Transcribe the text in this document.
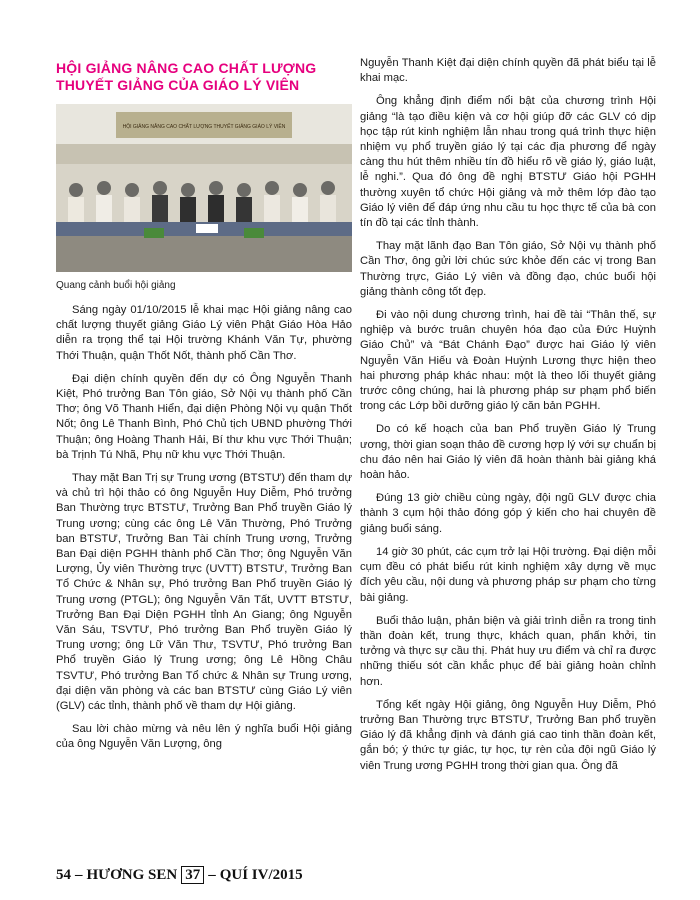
HỘI GIẢNG NÂNG CAO CHẤT LƯỢNG THUYẾT GIẢNG CỦA GIÁO LÝ VIÊN
HỘI GIẢNG NÂNG CAO CHẤT LƯỢNG THUYẾT GIẢNG GIÁO LÝ VIÊN
Quang cảnh buổi hội giảng

Sáng ngày 01/10/2015 lễ khai mạc Hội giảng nâng cao chất lượng thuyết giảng Giáo Lý viên Phật Giáo Hòa Hảo diễn ra trọng thể tại Hội trường Khánh Văn Tự, phường Thới Thuận, quận Thốt Nốt, thành phố Cần Thơ.

Đại diện chính quyền đến dự có Ông Nguyễn Thanh Kiệt, Phó trưởng Ban Tôn giáo, Sở Nội vụ thành phố Cần Thơ; ông Võ Thanh Hiển, đại diện Phòng Nội vụ quận Thốt Nốt; ông Lê Thanh Bình, Phó Chủ tịch UBND phường Thới Thuận; ông Hoàng Thanh Hải, Bí thư khu vực Thới Thuận; bà Trịnh Tú Nhã, Phụ nữ khu vực Thới Thuận.

Thay mặt Ban Trị sự Trung ương (BTSTƯ) đến tham dự và chủ trì hội thảo có ông Nguyễn Huy Diễm, Phó trưởng Ban Thường trực BTSTƯ, Trưởng Ban Phổ truyền Giáo lý Trung ương; cùng các ông Lê Văn Thường, Phó Trưởng ban BTSTƯ, Trưởng Ban Tài chính Trung ương, Trưởng Ban Đại diện PGHH thành phố Cần Thơ; ông Nguyễn Văn Lượng, Ủy viên Thường trực (UVTT) BTSTƯ, Trưởng Ban Tổ Chức & Nhân sự, Phó trưởng Ban Phổ truyền Giáo lý Trung ương (PTGL); ông Nguyễn Văn Tất, UVTT BTSTƯ, Trưởng Ban Đại Diện PGHH tỉnh An Giang; ông Nguyễn Văn Sáu, TSVTƯ, Phó trưởng Ban Phổ truyền Giáo lý Trung ương; ông Lữ Văn Thư, TSVTƯ, Phó trưởng Ban Phổ truyền Giáo lý Trung ương; ông Lê Hồng Châu TSVTƯ, Phó trưởng Ban Tổ chức & Nhân sự Trung ương, đại diện văn phòng và các ban BTSTƯ cùng Giáo Lý viên (GLV) các tỉnh, thành phố về tham dự Hội giảng.

Sau lời chào mừng và nêu lên ý nghĩa buổi Hội giảng của ông Nguyễn Văn Lượng, ông

Nguyễn Thanh Kiệt đại diện chính quyền đã phát biểu tại lễ khai mạc.

Ông khẳng định điểm nổi bật của chương trình Hội giảng “là tạo điều kiện và cơ hội giúp đỡ các GLV có dịp học tập rút kinh nghiệm lẫn nhau trong quá trình thực hiện nhiệm vụ phổ truyền giáo lý tại các địa phương để ngày càng thu hút thêm nhiều tín đồ hiểu rõ về giáo lý, giáo luật, lễ nghi.”. Qua đó ông đề nghị BTSTƯ Giáo hội PGHH thường xuyên tổ chức Hội giảng và mở thêm lớp đào tạo Giáo lý viên để đáp ứng nhu cầu tu học thực tế của bà con tín đồ tại các tỉnh thành.

Thay mặt lãnh đạo Ban Tôn giáo, Sở Nội vụ thành phố Cần Thơ, ông gửi lời chúc sức khỏe đến các vị trong Ban Thường trực, Giáo Lý viên và đồng đạo, chúc buổi hội giảng thành công tốt đẹp.

Đi vào nội dung chương trình, hai đề tài “Thân thế, sự nghiệp và bước truân chuyên hóa đạo của Đức Huỳnh Giáo Chủ” và “Bát Chánh Đạo” được hai Giáo lý viên Nguyễn Văn Hiếu và Đoàn Huỳnh Lương thực hiện theo hai phương pháp khác nhau: một là theo lối thuyết giảng trước công chúng, hai là phương pháp sư phạm phổ biến trong các Lớp bồi dưỡng giáo lý căn bản PGHH.

Do có kế hoạch của ban Phổ truyền Giáo lý Trung ương, thời gian soạn thảo đề cương hợp lý với sự chuẩn bị chu đáo nên hai Giáo lý viên đã hoàn thành bài giảng khá hoàn hảo.

Đúng 13 giờ chiều cùng ngày, đội ngũ GLV được chia thành 3 cụm hội thảo đóng góp ý kiến cho hai chuyên đề giảng buổi sáng.

14 giờ 30 phút, các cụm trở lại Hội trường. Đại diện mỗi cụm đều có phát biểu rút kinh nghiệm xây dựng về mục đích yêu cầu, nội dung và phương pháp sư phạm cho từng bài giảng.

Buổi thảo luận, phản biện và giải trình diễn ra trong tinh thần đoàn kết, trung thực, khách quan, phấn khởi, tin tưởng và thực sự cầu thị. Phát huy ưu điểm và chỉ ra được những thiếu sót cần khắc phục để bài giảng hoàn chỉnh hơn.

Tổng kết ngày Hội giảng, ông Nguyễn Huy Diễm, Phó trưởng Ban Thường trực BTSTƯ, Trưởng Ban phổ truyền Giáo lý đã khẳng định và đánh giá cao tinh thần đoàn kết, gắn bó; ý thức tự giác, tự học, tự rèn của đội ngũ Giáo lý viên Trung ương PGHH trong thời gian qua. Ông đã

54 – HƯƠNG SEN 37 – QUÍ IV/2015
